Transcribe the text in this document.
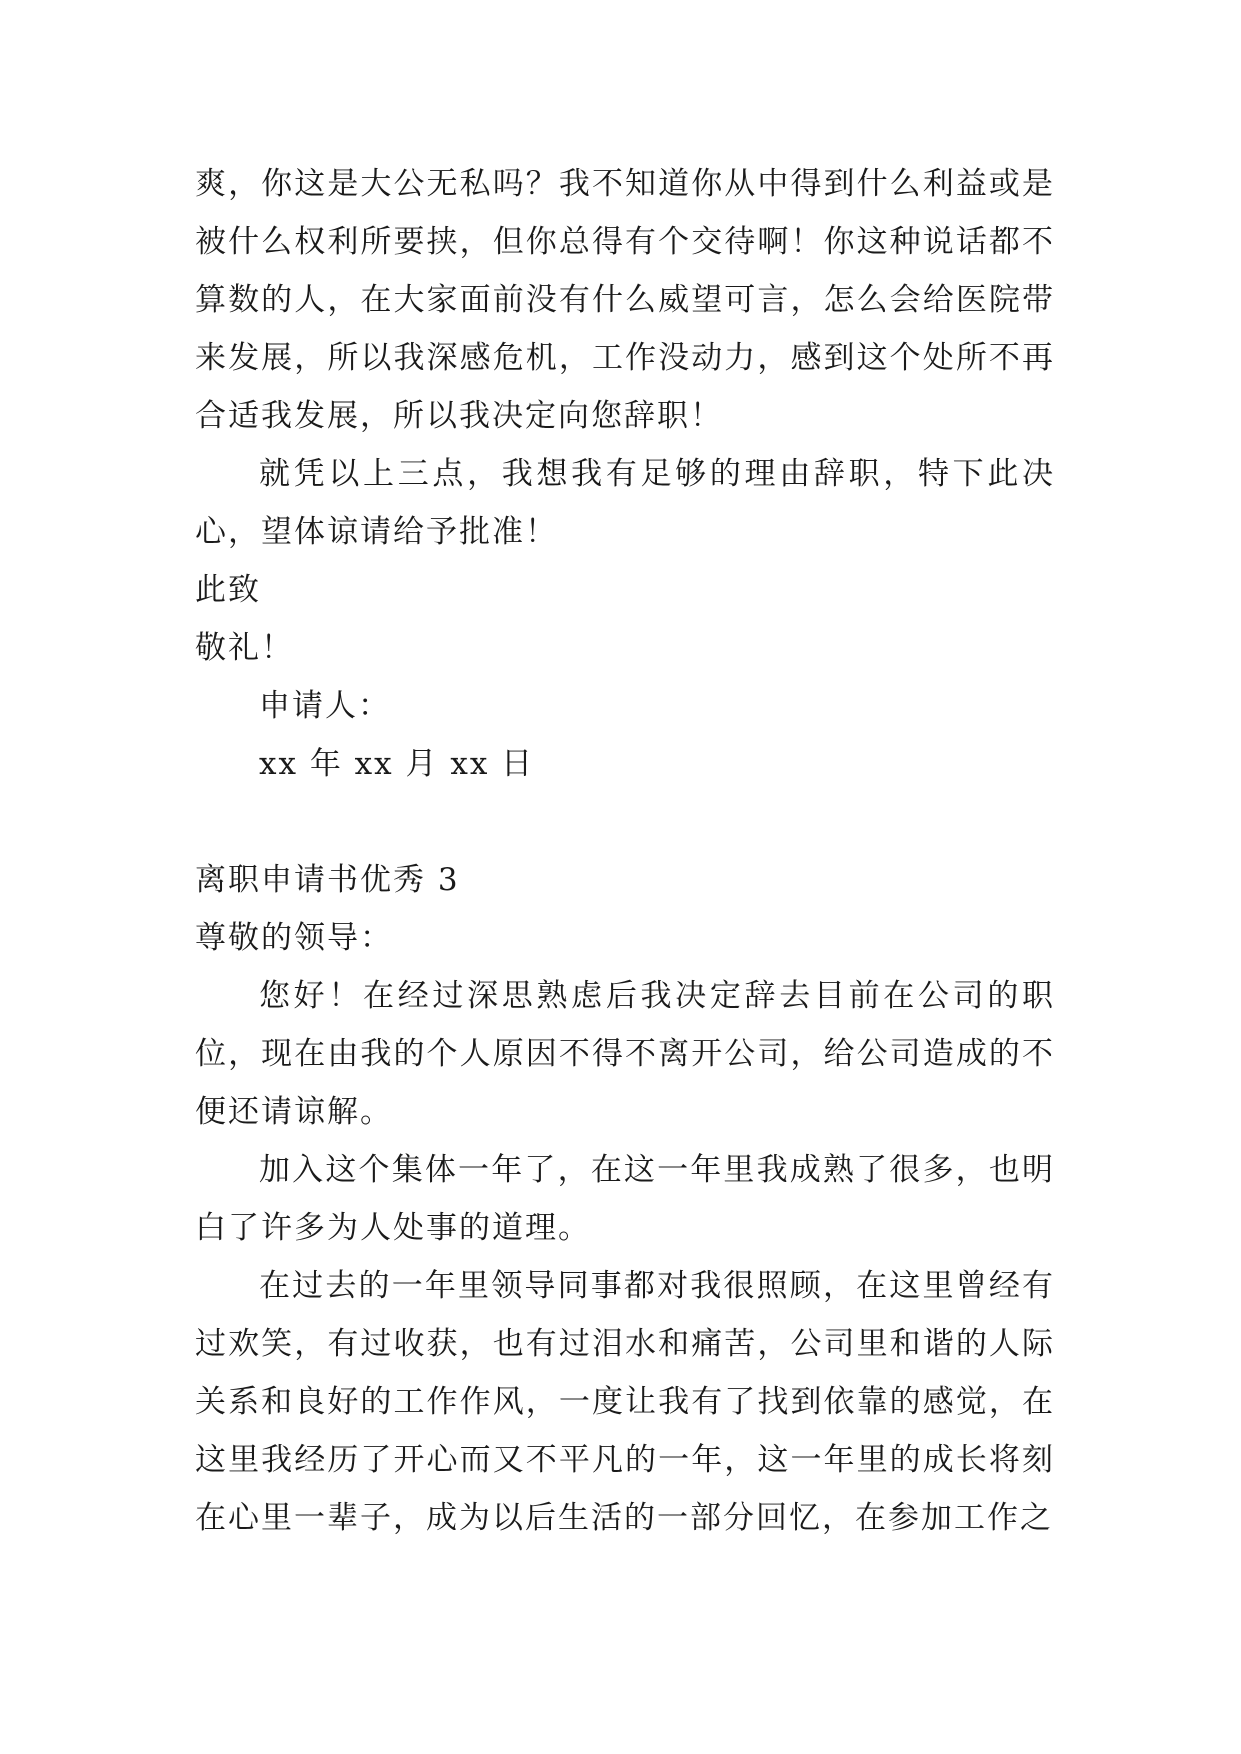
爽，你这是大公无私吗？我不知道你从中得到什么利益或是被什么权利所要挟，但你总得有个交待啊！你这种说话都不算数的人，在大家面前没有什么威望可言，怎么会给医院带来发展，所以我深感危机，工作没动力，感到这个处所不再合适我发展，所以我决定向您辞职！

就凭以上三点，我想我有足够的理由辞职，特下此决心，望体谅请给予批准！

此致

敬礼！

申请人：

xx 年 xx 月 xx 日

离职申请书优秀 3

尊敬的领导：

您好！在经过深思熟虑后我决定辞去目前在公司的职位，现在由我的个人原因不得不离开公司，给公司造成的不便还请谅解。

加入这个集体一年了，在这一年里我成熟了很多，也明白了许多为人处事的道理。

在过去的一年里领导同事都对我很照顾，在这里曾经有过欢笑，有过收获，也有过泪水和痛苦，公司里和谐的人际关系和良好的工作作风，一度让我有了找到依靠的感觉，在这里我经历了开心而又不平凡的一年，这一年里的成长将刻在心里一辈子，成为以后生活的一部分回忆，在参加工作之
